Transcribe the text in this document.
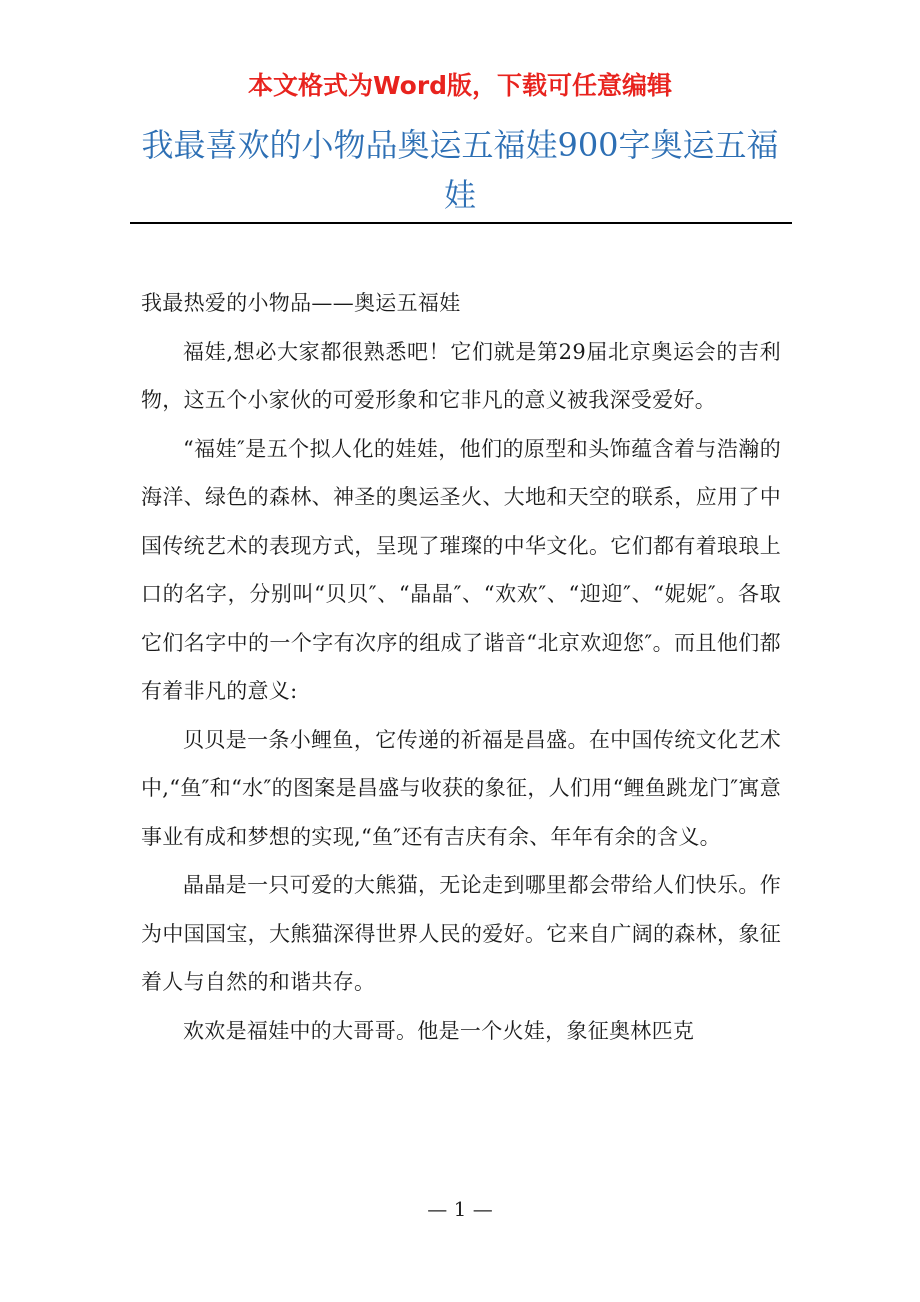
本文格式为Word版，下载可任意编辑
我最喜欢的小物品奥运五福娃900字奥运五福娃

我最热爱的小物品——奥运五福娃

福娃,想必大家都很熟悉吧！它们就是第29届北京奥运会的吉利物，这五个小家伙的可爱形象和它非凡的意义被我深受爱好。

“福娃″是五个拟人化的娃娃，他们的原型和头饰蕴含着与浩瀚的海洋、绿色的森林、神圣的奥运圣火、大地和天空的联系，应用了中国传统艺术的表现方式，呈现了璀璨的中华文化。它们都有着琅琅上口的名字，分别叫“贝贝″、“晶晶″、“欢欢″、“迎迎″、“妮妮″。各取它们名字中的一个字有次序的组成了谐音“北京欢迎您″。而且他们都有着非凡的意义:

贝贝是一条小鲤鱼，它传递的祈福是昌盛。在中国传统文化艺术中,“鱼″和“水″的图案是昌盛与收获的象征，人们用“鲤鱼跳龙门″寓意事业有成和梦想的实现,“鱼″还有吉庆有余、年年有余的含义。

晶晶是一只可爱的大熊猫，无论走到哪里都会带给人们快乐。作为中国国宝，大熊猫深得世界人民的爱好。它来自广阔的森林，象征着人与自然的和谐共存。

欢欢是福娃中的大哥哥。他是一个火娃，象征奥林匹克

— 1 —
